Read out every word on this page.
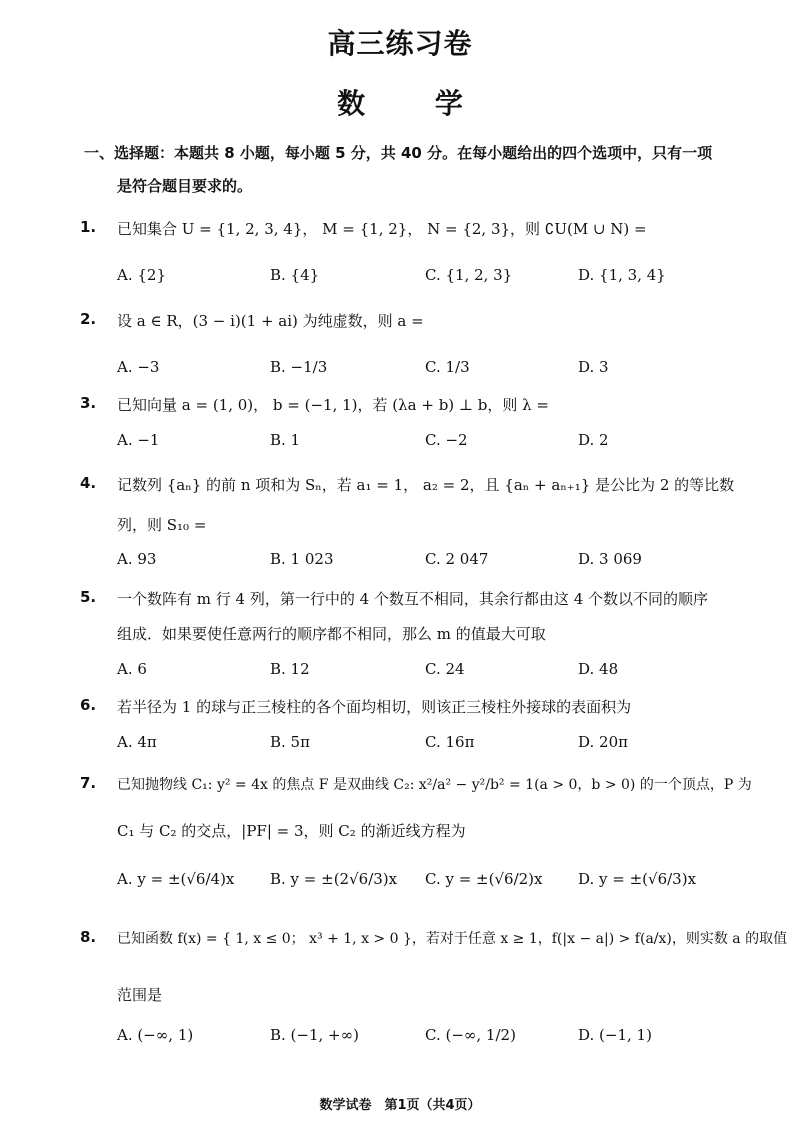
高三练习卷
数 学
一、选择题：本题共 8 小题，每小题 5 分，共 40 分。在每小题给出的四个选项中，只有一项
是符合题目要求的。
1. 已知集合 U = {1, 2, 3, 4}， M = {1, 2}， N = {2, 3}，则 ∁U(M ∪ N) =
A. {2}	B. {4}	C. {1, 2, 3}	D. {1, 3, 4}
2. 设 a ∈ R，(3 − i)(1 + ai) 为纯虚数，则 a =
A. −3	B. −1/3	C. 1/3	D. 3
3. 已知向量 a = (1, 0)， b = (−1, 1)，若 (λa + b) ⊥ b，则 λ =
A. −1	B. 1	C. −2	D. 2
4. 记数列 {aₙ} 的前 n 项和为 Sₙ，若 a₁ = 1， a₂ = 2，且 {aₙ + aₙ₊₁} 是公比为 2 的等比数
列，则 S₁₀ =
A. 93	B. 1 023	C. 2 047	D. 3 069
5. 一个数阵有 m 行 4 列，第一行中的 4 个数互不相同，其余行都由这 4 个数以不同的顺序
组成．如果要使任意两行的顺序都不相同，那么 m 的值最大可取
A. 6	B. 12	C. 24	D. 48
6. 若半径为 1 的球与正三棱柱的各个面均相切，则该正三棱柱外接球的表面积为
A. 4π	B. 5π	C. 16π	D. 20π
7. 已知抛物线 C₁: y² = 4x 的焦点 F 是双曲线 C₂: x²/a² − y²/b² = 1(a > 0，b > 0) 的一个顶点，P 为
C₁ 与 C₂ 的交点，|PF| = 3，则 C₂ 的渐近线方程为
A. y = ±(√6/4)x B. y = ±(2√6/3)x C. y = ±(√6/2)x D. y = ±(√6/3)x
8. 已知函数 f(x) = { 1, x ≤ 0； x³ + 1, x > 0 }，若对于任意 x ≥ 1，f(|x − a|) > f(a/x)，则实数 a 的取值
范围是
A. (−∞, 1)	B. (−1, +∞)	C. (−∞, 1/2)	D. (−1, 1)
数学试卷　第1页（共4页）
